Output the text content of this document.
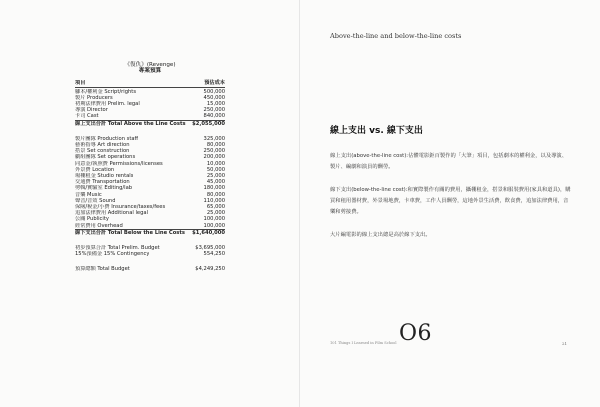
《復仇》(Revenge)
專案預算
項目	預估成本
腳本/權利金 Script/rights	500,000
製片 Producers	450,000
初期法律費用 Prelim. legal	15,000
導演 Director	250,000
卡司 Cast	840,000
線上支出合計 Total Above the Line Costs	$2,055,000
製片團隊 Production staff	325,000
藝術指導 Art direction	80,000
搭景 Set construction	250,000
劇組團隊 Set operations	200,000
同意金/執照費 Permissions/licenses	10,000
外景費 Location	50,000
場棚租金 Studio rentals	25,000
交通費 Transportation	45,000
剪輯/實驗室 Editing/lab	180,000
音樂 Music	80,000
聲音/音效 Sound	110,000
保險/稅金/小費 Insurance/taxes/fees	65,000
追加法律費用 Additional legal	25,000
公關 Publicity	100,000
經常費用 Overhead	100,000
線下支出合計 Total Below the Line Costs	$1,640,000
初步預算合計 Total Prelim. Budget	$3,695,000
15%預備金 15% Contingency	554,250
預算總額 Total Budget	$4,249,250
Above-the-line and below-the-line costs
線上支出 vs. 線下支出
線上支出(above-the-line cost):佔體電影鉅百製作的「大筆」項目，包括劇本的權利金，以及導演、製片、編劇和演員的酬勞。
線下支出(below-the-line cost):和實際製作有關的費用，攝棚租金，搭景和服裝費用(家具和道具)，購買和租用器材費，外景場地費，卡車費，工作人員酬勞，這地外景生活費，飲食費，追加法律費用，音樂和剪接費。
大片編電影的線上支出總是高於線下支出。
101 Things I Learned in Film School O6	21
